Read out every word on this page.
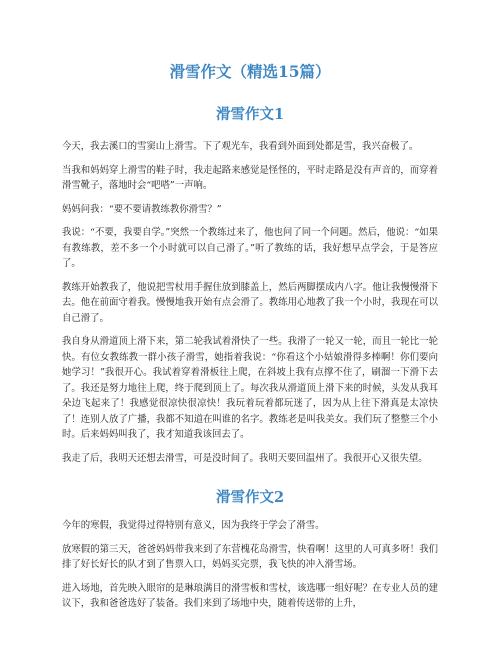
滑雪作文（精选15篇）
滑雪作文1

今天，我去溪口的雪窦山上滑雪。下了观光车，我看到外面到处都是雪，我兴奋极了。

当我和妈妈穿上滑雪的鞋子时，我走起路来感觉是怪怪的，平时走路是没有声音的，而穿着滑雪靴子，落地时会“吧嗒”一声响。

妈妈问我：“要不要请教练教你滑雪？”

我说：“不要，我要自学。”突然一个教练过来了，他也问了同一个问题。然后，他说：“如果有教练教，差不多一个小时就可以自己滑了。”听了教练的话，我好想早点学会，于是答应了。

教练开始教我了，他说把雪杖用手握住放到膝盖上，然后两脚摆成内八字。他让我慢慢滑下去。他在前面守着我。慢慢地我开始有点会滑了。教练用心地教了我一个小时，我现在可以自己滑了。

我自身从滑道顶上滑下来，第二轮我试着滑快了一些。我滑了一轮又一轮，而且一轮比一轮快。有位女教练教一群小孩子滑雪，她指着我说：“你看这个小姑娘滑得多棒啊！你们要向她学习！”我很开心。我试着穿着滑板往上爬，在斜坡上我有点撑不住了，刷溜一下滑下去了。我还是努力地往上爬，终于爬到顶上了。每次我从滑道顶上滑下来的时候，头发从我耳朵边飞起来了！我感觉很凉快很凉快！我玩着玩着都玩迷了，因为从上往下滑真是太凉快了！连别人放了广播，我都不知道在叫谁的名字。教练老是叫我美女。我们玩了整整三个小时。后来妈妈叫我了，我才知道我该回去了。

我走了后，我明天还想去滑雪，可是没时间了。我明天要回温州了。我很开心又很失望。

滑雪作文2

今年的寒假，我觉得过得特别有意义，因为我终于学会了滑雪。

放寒假的第三天，爸爸妈妈带我来到了东营槐花岛滑雪，快看啊！这里的人可真多呀！我们排了好长好长的队才到了售票入口，妈妈买完票，我飞快的冲入滑雪场。

进入场地，首先映入眼帘的是琳琅满目的滑雪板和雪杖，该选哪一组好呢？在专业人员的建议下，我和爸爸选好了装备。我们来到了场地中央，随着传送带的上升，
